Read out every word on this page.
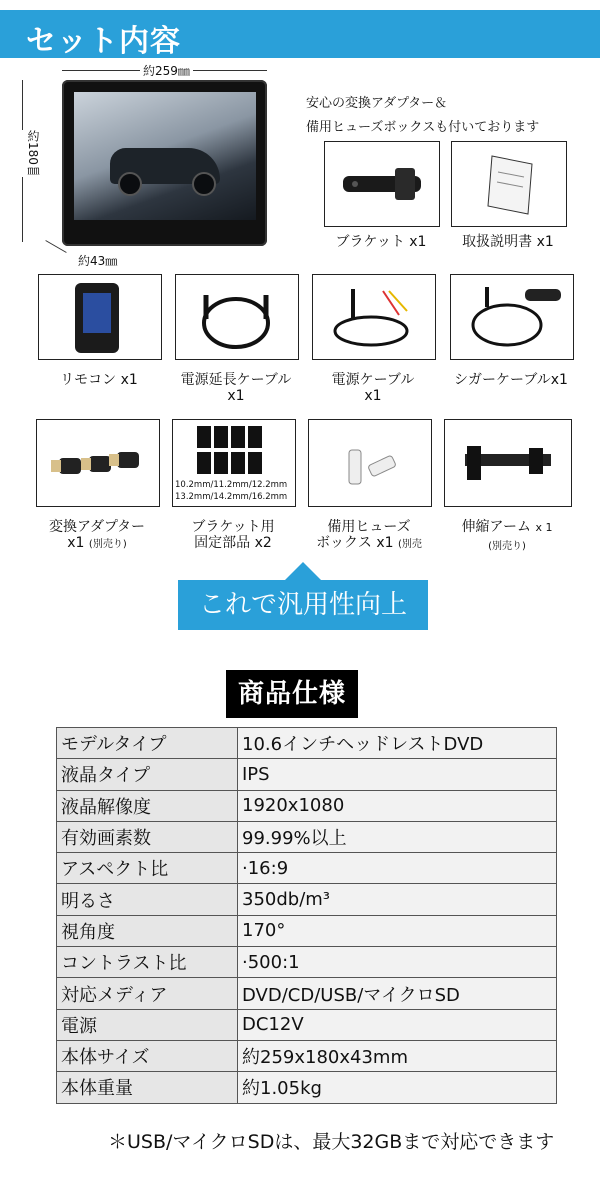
セット内容
約259㎜
約180㎜
約43㎜
安心の変換アダプター＆
備用ヒューズボックスも付いております
ブラケット x1	取扱説明書 x1
リモコン x1	電源延長ケーブル
x1
電源ケーブル
x1
シガーケーブルx1
変換アダプター
x1 (別売り)
10.2mm/11.2mm/12.2mm
13.2mm/14.2mm/16.2mm
ブラケット用
固定部品 x2
備用ヒューズ
ボックス x1 (別売
伸縮アーム x 1
(別売り)
これで汎用性向上
商品仕様
モデルタイプ	10.6インチヘッドレストDVD
液晶タイプ	IPS
液晶解像度	1920x1080
有効画素数	99.99%以上
アスペクト比	·16:9
明るさ	350db/m³
視角度	170°
コントラスト比	·500:1
対応メディア	DVD/CD/USB/マイクロSD
電源	DC12V
本体サイズ	約259x180x43mm
本体重量	約1.05kg
＊USB/マイクロSDは、最大32GBまで対応できます
